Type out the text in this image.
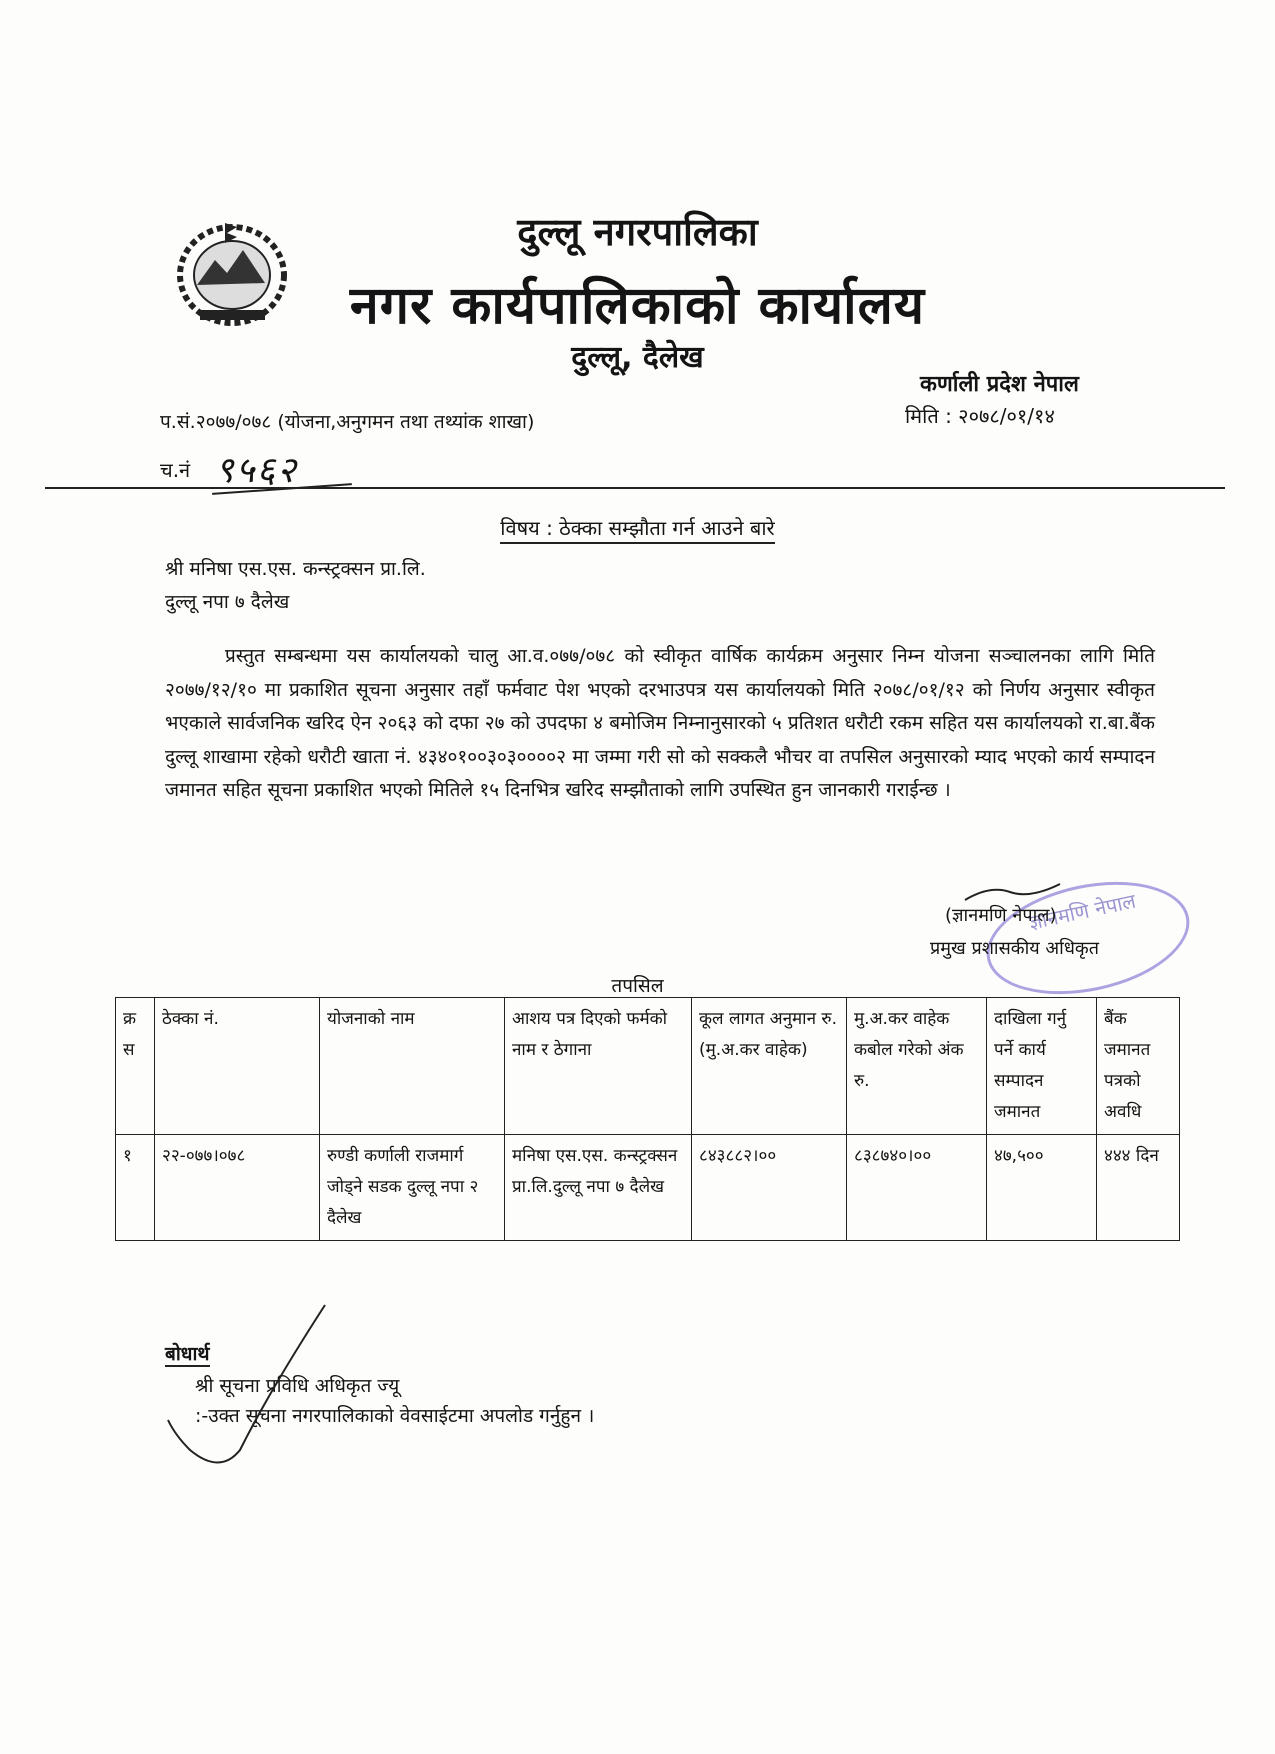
दुल्लू नगरपालिका
नगर कार्यपालिकाको कार्यालय
दुल्लू, दैलेख
कर्णाली प्रदेश नेपाल
मिति : २०७८/०१/१४
प.सं.२०७७/०७८ (योजना,अनुगमन तथा तथ्यांक शाखा)
च.नं ९५६२
विषय : ठेक्का सम्झौता गर्न आउने बारे
श्री मनिषा एस.एस. कन्स्ट्रक्सन प्रा.लि.
दुल्लू नपा ७ दैलेख
प्रस्तुत सम्बन्धमा यस कार्यालयको चालु आ.व.०७७/०७८ को स्वीकृत वार्षिक कार्यक्रम अनुसार निम्न योजना सञ्चालनका लागि मिति २०७७/१२/१० मा प्रकाशित सूचना अनुसार तहाँ फर्मवाट पेश भएको दरभाउपत्र यस कार्यालयको मिति २०७८/०१/१२ को निर्णय अनुसार स्वीकृत भएकाले सार्वजनिक खरिद ऐन २०६३ को दफा २७ को उपदफा ४ बमोजिम निम्नानुसारको ५ प्रतिशत धरौटी रकम सहित यस कार्यालयको रा.बा.बैंक दुल्लू शाखामा रहेको धरौटी खाता नं. ४३४०१००३०३००००२ मा जम्मा गरी सो को सक्कलै भौचर वा तपसिल अनुसारको म्याद भएको कार्य सम्पादन जमानत सहित सूचना प्रकाशित भएको मितिले १५ दिनभित्र खरिद सम्झौताको लागि उपस्थित हुन जानकारी गराईन्छ ।
ज्ञानमणि नेपाल
(ज्ञानमणि नेपाल)
प्रमुख प्रशासकीय अधिकृत
तपसिल
क्र स	ठेक्का नं.	योजनाको नाम	आशय पत्र दिएको फर्मको नाम र ठेगाना	कूल लागत अनुमान रु. (मु.अ.कर वाहेक)	मु.अ.कर वाहेक कबोल गरेको अंक रु.	दाखिला गर्नु पर्ने कार्य सम्पादन जमानत	बैंक जमानत पत्रको अवधि
१	२२-०७७।०७८	रुण्डी कर्णाली राजमार्ग जोड्ने सडक दुल्लू नपा २ दैलेख	मनिषा एस.एस. कन्स्ट्रक्सन प्रा.लि.दुल्लू नपा ७ दैलेख	८४३८८२।००	८३८७४०।००	४७,५००	४४४ दिन
बोधार्थ
श्री सूचना प्रविधि अधिकृत ज्यू
:-उक्त सूचना नगरपालिकाको वेवसाईटमा अपलोड गर्नुहुन ।
